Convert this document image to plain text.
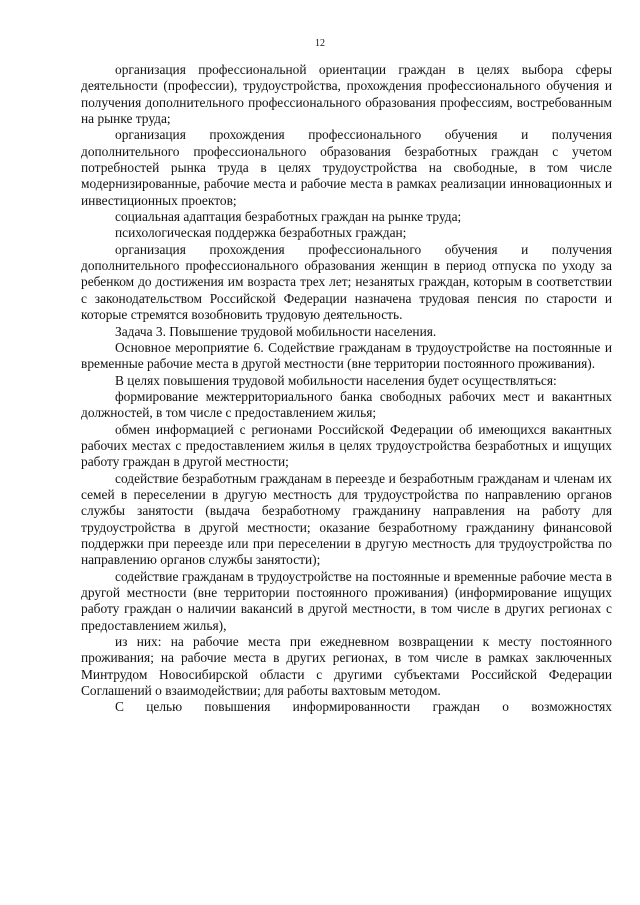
12

организация профессиональной ориентации граждан в целях выбора сферы деятельности (профессии), трудоустройства, прохождения профессионального обучения и получения дополнительного профессионального образования профессиям, востребованным на рынке труда;

организация прохождения профессионального обучения и получения дополнительного профессионального образования безработных граждан с учетом потребностей рынка труда в целях трудоустройства на свободные, в том числе модернизированные, рабочие места и рабочие места в рамках реализации инновационных и инвестиционных проектов;

социальная адаптация безработных граждан на рынке труда;

психологическая поддержка безработных граждан;

организация прохождения профессионального обучения и получения дополнительного профессионального образования женщин в период отпуска по уходу за ребенком до достижения им возраста трех лет; незанятых граждан, которым в соответствии с законодательством Российской Федерации назначена трудовая пенсия по старости и которые стремятся возобновить трудовую деятельность.

Задача 3. Повышение трудовой мобильности населения.

Основное мероприятие 6. Содействие гражданам в трудоустройстве на постоянные и временные рабочие места в другой местности (вне территории постоянного проживания).

В целях повышения трудовой мобильности населения будет осуществляться:

формирование межтерриториального банка свободных рабочих мест и вакантных должностей, в том числе с предоставлением жилья;

обмен информацией с регионами Российской Федерации об имеющихся вакантных рабочих местах с предоставлением жилья в целях трудоустройства безработных и ищущих работу граждан в другой местности;

содействие безработным гражданам в переезде и безработным гражданам и членам их семей в переселении в другую местность для трудоустройства по направлению органов службы занятости (выдача безработному гражданину направления на работу для трудоустройства в другой местности; оказание безработному гражданину финансовой поддержки при переезде или при переселении в другую местность для трудоустройства по направлению органов службы занятости);

содействие гражданам в трудоустройстве на постоянные и временные рабочие места в другой местности (вне территории постоянного проживания) (информирование ищущих работу граждан о наличии вакансий в другой местности, в том числе в других регионах с предоставлением жилья),

из них: на рабочие места при ежедневном возвращении к месту постоянного проживания; на рабочие места в других регионах, в том числе в рамках заключенных Минтрудом Новосибирской области с другими субъектами Российской Федерации Соглашений о взаимодействии; для работы вахтовым методом.

С целью повышения информированности граждан о возможностях
